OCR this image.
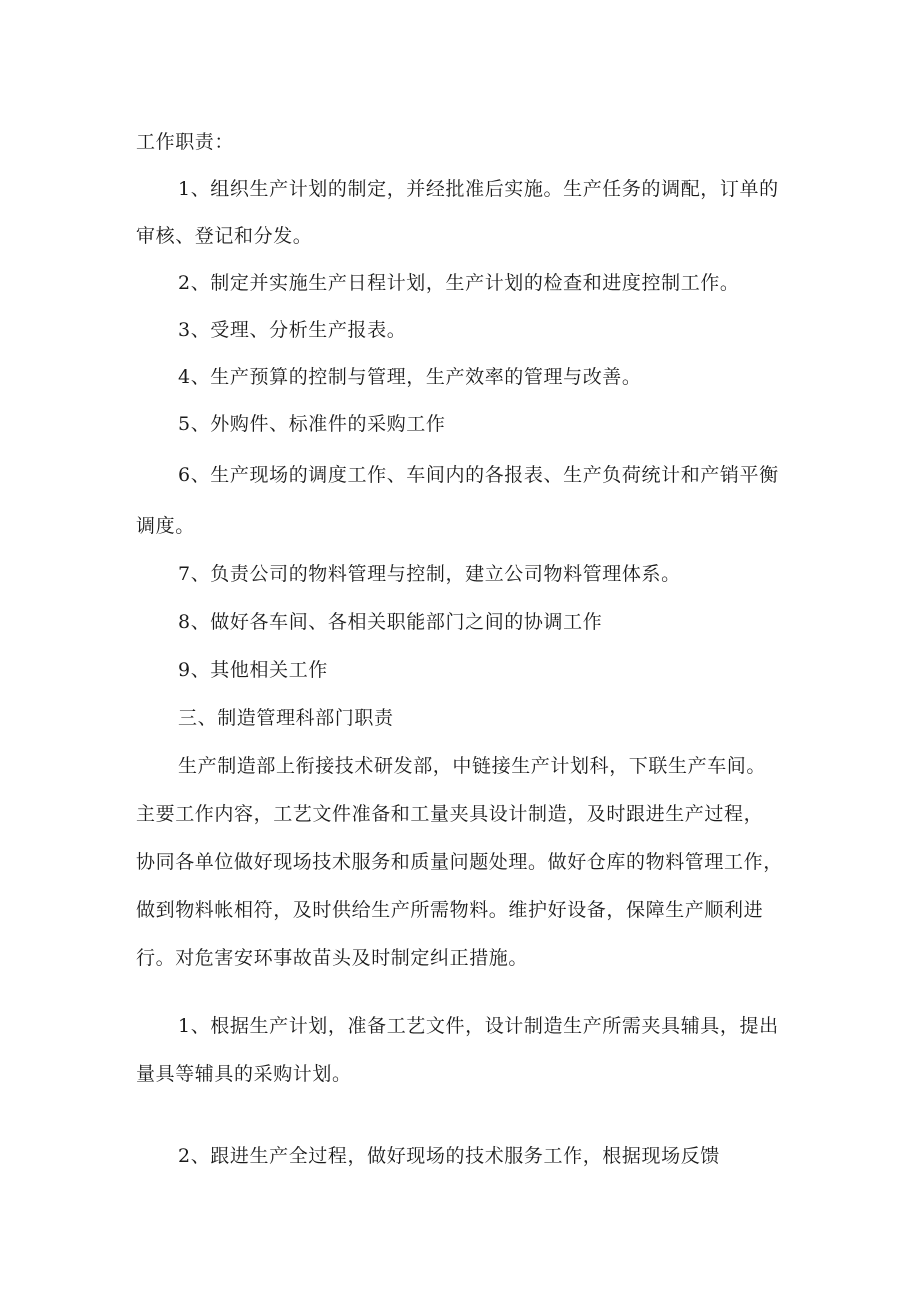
工作职责：
1、组织生产计划的制定，并经批准后实施。生产任务的调配，订单的
审核、登记和分发。
2、制定并实施生产日程计划，生产计划的检查和进度控制工作。
3、受理、分析生产报表。
4、生产预算的控制与管理，生产效率的管理与改善。
5、外购件、标准件的采购工作
6、生产现场的调度工作、车间内的各报表、生产负荷统计和产销平衡
调度。
7、负责公司的物料管理与控制，建立公司物料管理体系。
8、做好各车间、各相关职能部门之间的协调工作
9、其他相关工作
三、制造管理科部门职责
生产制造部上衔接技术研发部，中链接生产计划科，下联生产车间。
主要工作内容，工艺文件准备和工量夹具设计制造，及时跟进生产过程，
协同各单位做好现场技术服务和质量问题处理。做好仓库的物料管理工作，
做到物料帐相符，及时供给生产所需物料。维护好设备，保障生产顺利进
行。对危害安环事故苗头及时制定纠正措施。
1、根据生产计划，准备工艺文件，设计制造生产所需夹具辅具，提出
量具等辅具的采购计划。
2、跟进生产全过程，做好现场的技术服务工作，根据现场反馈
